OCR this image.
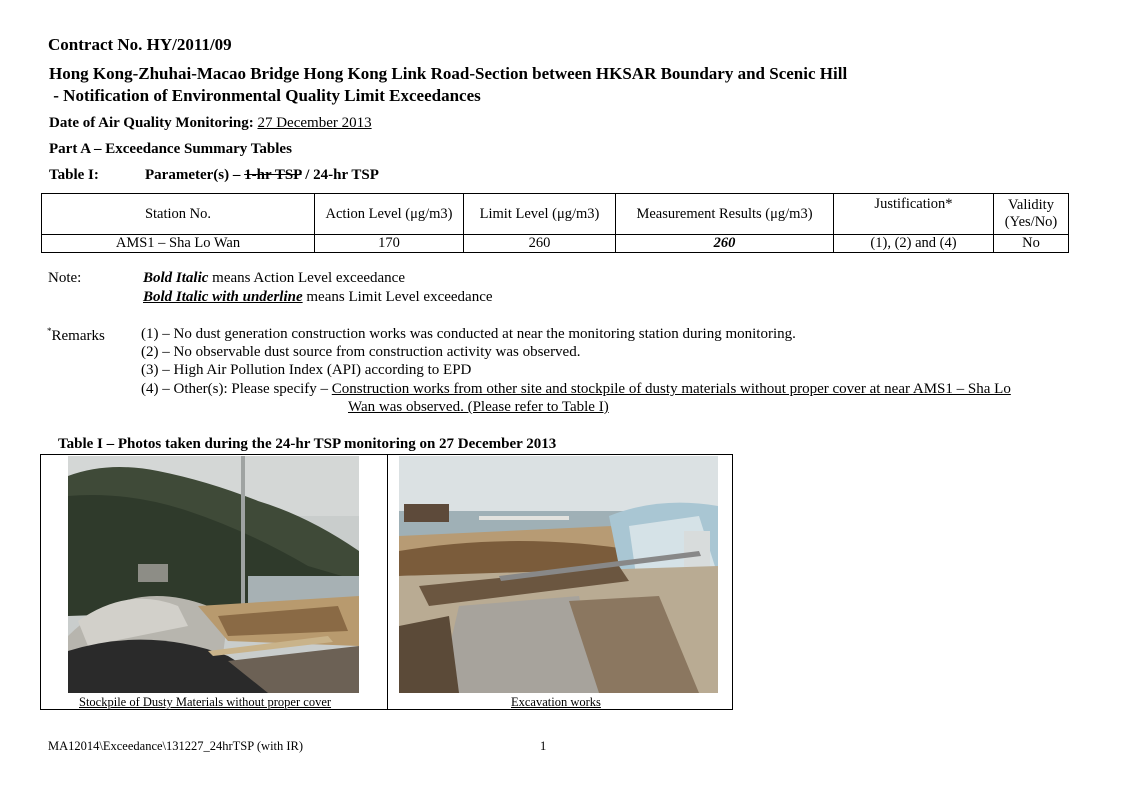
Contract No. HY/2011/09
Hong Kong-Zhuhai-Macao Bridge Hong Kong Link Road-Section between HKSAR Boundary and Scenic Hill
- Notification of Environmental Quality Limit Exceedances
Date of Air Quality Monitoring: 27 December 2013
Part A – Exceedance Summary Tables
Table I:	Parameter(s) – 1-hr TSP / 24-hr TSP
Station No.	Action Level (μg/m3)	Limit Level (μg/m3)	Measurement Results (μg/m3)	Justification*	Validity
(Yes/No)

AMS1 – Sha Lo Wan	170	260	260	(1), (2) and (4)	No
Note:	Bold Italic means Action Level exceedance
Bold Italic with underline means Limit Level exceedance
*Remarks (1) – No dust generation construction works was conducted at near the monitoring station during monitoring.
(2) – No observable dust source from construction activity was observed.
(3) – High Air Pollution Index (API) according to EPD
(4) – Other(s): Please specify – Construction works from other site and stockpile of dusty materials without proper cover at near AMS1 – Sha Lo
Wan was observed. (Please refer to Table I)
Table I – Photos taken during the 24-hr TSP monitoring on 27 December 2013
Stockpile of Dusty Materials without proper cover	Excavation works
MA12014\Exceedance\131227_24hrTSP (with IR)	1
